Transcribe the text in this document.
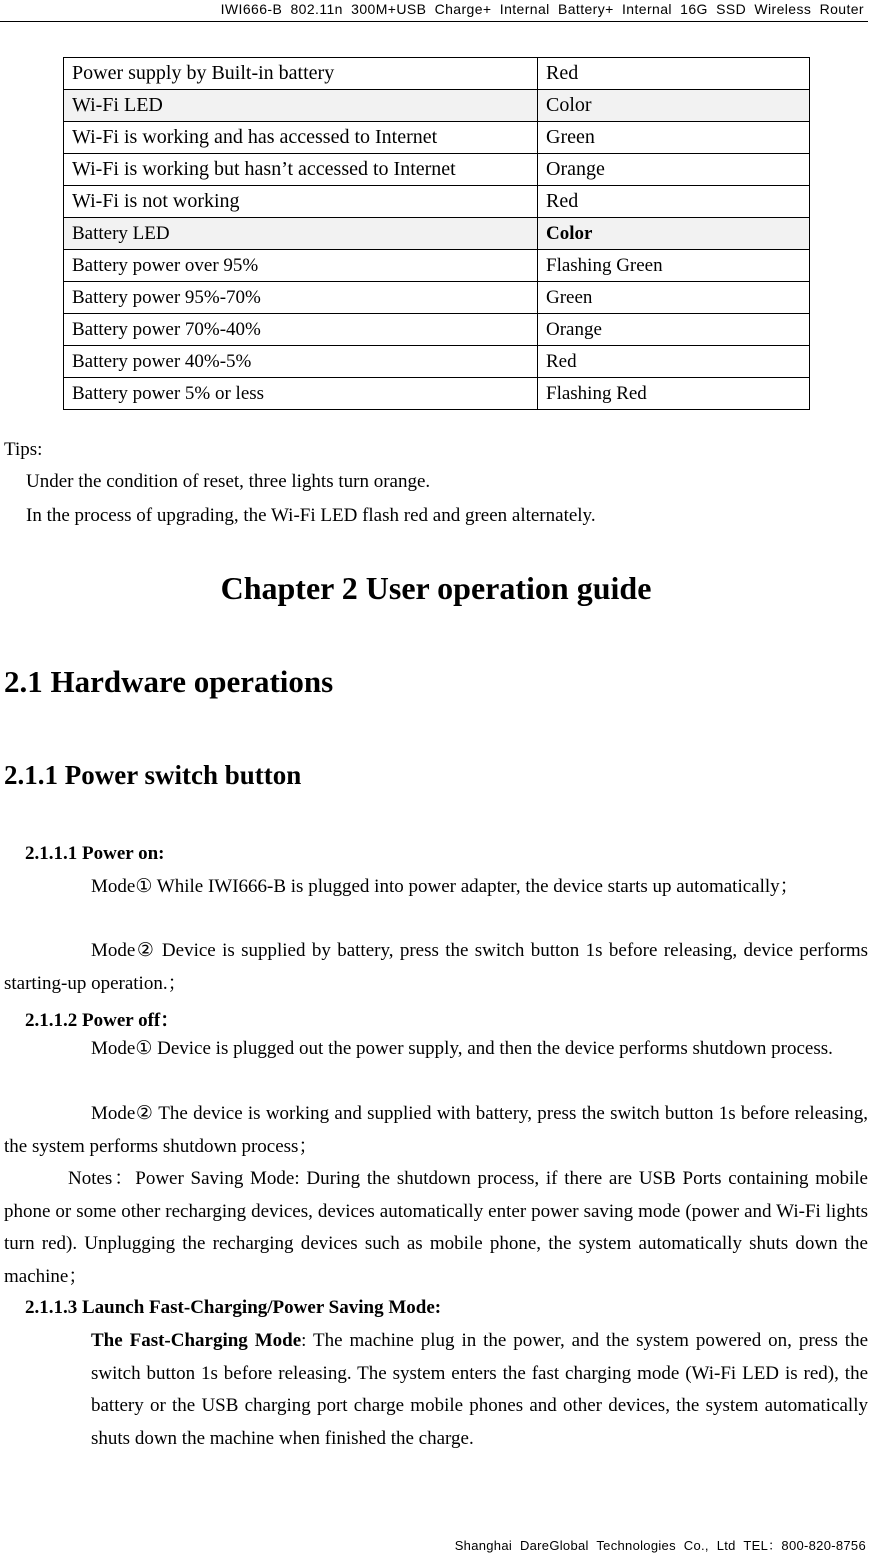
IWI666-B 802.11n 300M+USB Charge+ Internal Battery+ Internal 16G SSD Wireless Router
Power supply by Built-in battery	Red
Wi-Fi LED	Color
Wi-Fi is working and has accessed to Internet	Green
Wi-Fi is working but hasn’t accessed to Internet	Orange
Wi-Fi is not working	Red
Battery LED	Color
Battery power over 95%	Flashing Green
Battery power 95%-70%	Green
Battery power 70%-40%	Orange
Battery power 40%-5%	Red
Battery power 5% or less	Flashing Red
Tips:
Under the condition of reset, three lights turn orange.
In the process of upgrading, the Wi-Fi LED flash red and green alternately.
Chapter 2 User operation guide
2.1 Hardware operations
2.1.1 Power switch button
2.1.1.1 Power on:
Mode① While IWI666-B is plugged into power adapter, the device starts up automatically；
Mode② Device is supplied by battery, press the switch button 1s before releasing, device performs starting-up operation.；
2.1.1.2 Power off：
Mode① Device is plugged out the power supply, and then the device performs shutdown process.
Mode② The device is working and supplied with battery, press the switch button 1s before releasing, the system performs shutdown process；
Notes：Power Saving Mode: During the shutdown process, if there are USB Ports containing mobile phone or some other recharging devices, devices automatically enter power saving mode (power and Wi-Fi lights turn red). Unplugging the recharging devices such as mobile phone, the system automatically shuts down the machine；
2.1.1.3 Launch Fast-Charging/Power Saving Mode:
The Fast-Charging Mode: The machine plug in the power, and the system powered on, press the switch button 1s before releasing. The system enters the fast charging mode (Wi-Fi LED is red), the battery or the USB charging port charge mobile phones and other devices, the system automatically shuts down the machine when finished the charge.
Shanghai DareGlobal Technologies Co., Ltd TEL：800-820-8756
